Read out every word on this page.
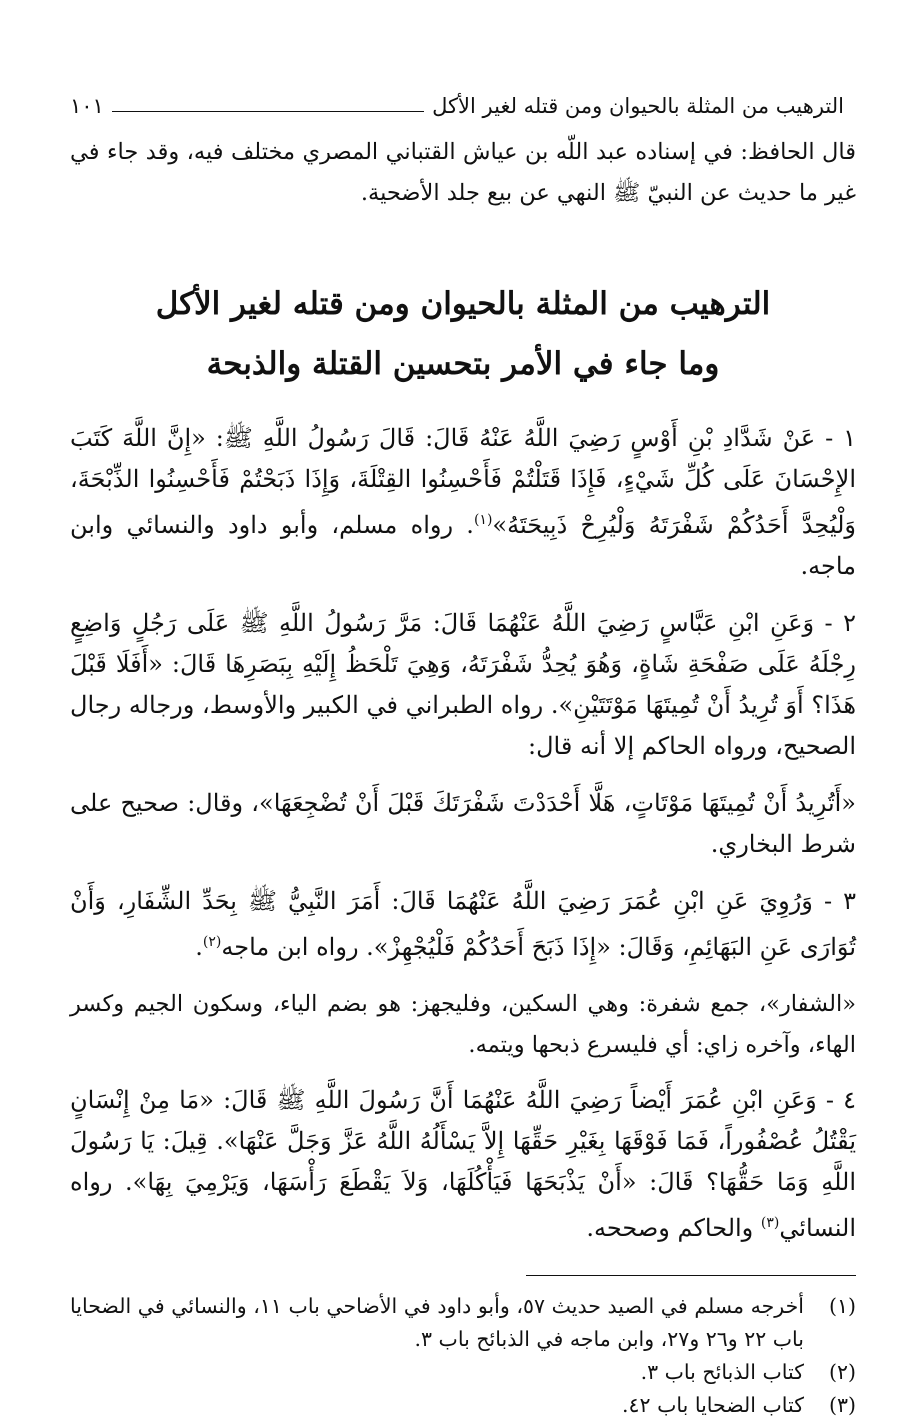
الترهيب من المثلة بالحيوان ومن قتله لغير الأكل
١٠١

قال الحافظ: في إسناده عبد اللّه بن عياش القتباني المصري مختلف فيه، وقد جاء في غير ما حديث عن النبيّ ﷺ النهي عن بيع جلد الأضحية.

الترهيب من المثلة بالحيوان ومن قتله لغير الأكل
وما جاء في الأمر بتحسين القتلة والذبحة

١ - عَنْ شَدَّادِ بْنِ أَوْسٍ رَضِيَ اللَّهُ عَنْهُ قَالَ: قَالَ رَسُولُ اللَّهِ ﷺ: «إِنَّ اللَّهَ كَتَبَ الإِحْسَانَ عَلَى كُلِّ شَيْءٍ، فَإِذَا قَتَلْتُمْ فَأَحْسِنُوا القِتْلَةَ، وَإِذَا ذَبَحْتُمْ فَأَحْسِنُوا الذِّبْحَةَ، وَلْيُحِدَّ أَحَدُكُمْ شَفْرَتَهُ وَلْيُرِحْ ذَبِيحَتَهُ»$^{(١)}$. رواه مسلم، وأبو داود والنسائي وابن ماجه.

٢ - وَعَنِ ابْنِ عَبَّاسٍ رَضِيَ اللَّهُ عَنْهُمَا قَالَ: مَرَّ رَسُولُ اللَّهِ ﷺ عَلَى رَجُلٍ وَاضِعٍ رِجْلَهُ عَلَى صَفْحَةِ شَاةٍ، وَهُوَ يُحِدُّ شَفْرَتَهُ، وَهِيَ تَلْحَظُ إِلَيْهِ بِبَصَرِهَا قَالَ: «أَفَلَا قَبْلَ هَذَا؟ أَوَ تُرِيدُ أَنْ تُمِيتَهَا مَوْتَتَيْنِ». رواه الطبراني في الكبير والأوسط، ورجاله رجال الصحيح، ورواه الحاكم إلا أنه قال:

«أَتُرِيدُ أَنْ تُمِيتَهَا مَوْتَاتٍ، هَلَّا أَحْدَدْتَ شَفْرَتَكَ قَبْلَ أَنْ تُضْجِعَهَا»، وقال: صحيح على شرط البخاري.

٣ - وَرُوِيَ عَنِ ابْنِ عُمَرَ رَضِيَ اللَّهُ عَنْهُمَا قَالَ: أَمَرَ النَّبِيُّ ﷺ بِحَدِّ الشِّفَارِ، وَأَنْ تُوَارَى عَنِ البَهَائِمِ، وَقَالَ: «إِذَا ذَبَحَ أَحَدُكُمْ فَلْيُجْهِزْ». رواه ابن ماجه$^{(٢)}$.

«الشفار»، جمع شفرة: وهي السكين، وفليجهز: هو بضم الياء، وسكون الجيم وكسر الهاء، وآخره زاي: أي فليسرع ذبحها ويتمه.

٤ - وَعَنِ ابْنِ عُمَرَ أَيْضاً رَضِيَ اللَّهُ عَنْهُمَا أَنَّ رَسُولَ اللَّهِ ﷺ قَالَ: «مَا مِنْ إِنْسَانٍ يَقْتُلُ عُصْفُوراً، فَمَا فَوْقَهَا بِغَيْرِ حَقِّهَا إِلاَّ يَسْأَلُهُ اللَّهُ عَزَّ وَجَلَّ عَنْهَا». قِيلَ: يَا رَسُولَ اللَّهِ وَمَا حَقُّهَا؟ قَالَ: «أَنْ يَذْبَحَهَا فَيَأْكُلَهَا، وَلاَ يَقْطَعَ رَأْسَهَا، وَيَرْمِيَ بِهَا». رواه النسائي$^{(٣)}$ والحاكم وصححه.

(١)
أخرجه مسلم في الصيد حديث ٥٧، وأبو داود في الأضاحي باب ١١، والنسائي في الضحايا باب ٢٢ و٢٦ و٢٧، وابن ماجه في الذبائح باب ٣.
(٢)
كتاب الذبائح باب ٣.
(٣)
كتاب الضحايا باب ٤٢.
